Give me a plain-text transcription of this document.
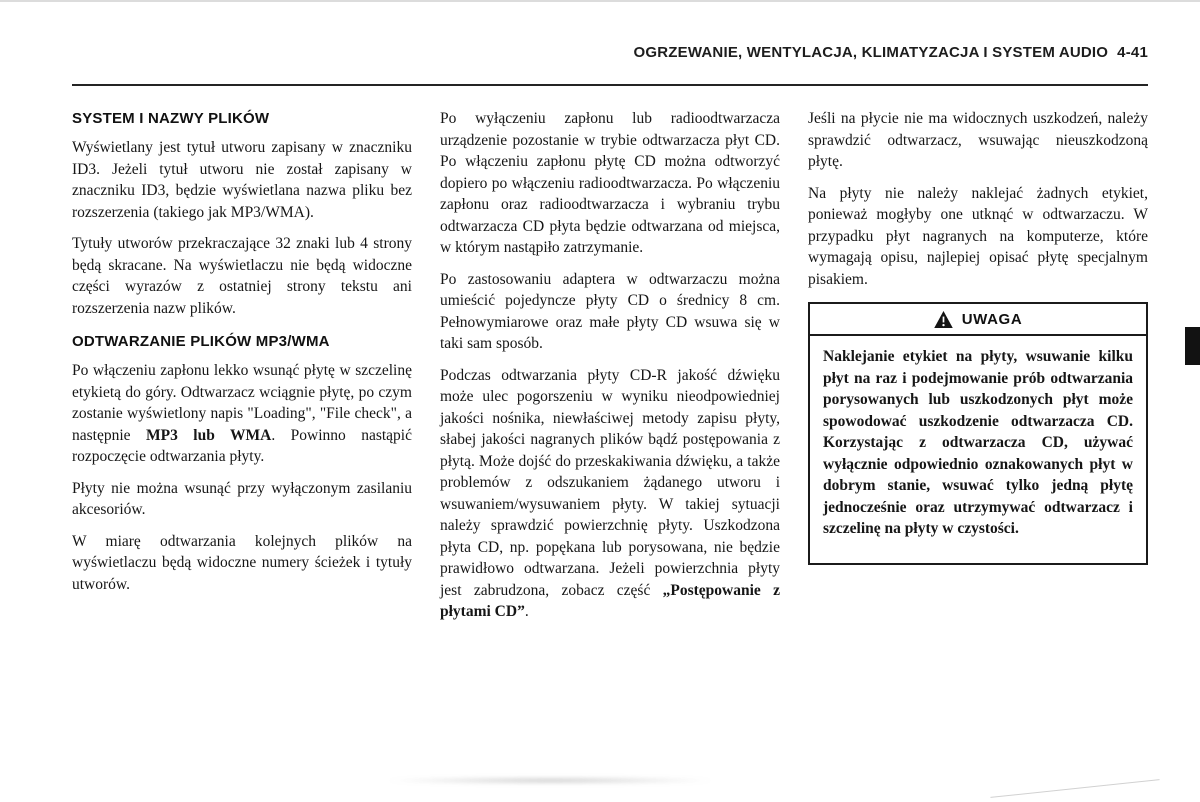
OGRZEWANIE, WENTYLACJA, KLIMATYZACJA I SYSTEM AUDIO 4-41
SYSTEM I NAZWY PLIKÓW

Wyświetlany jest tytuł utworu zapisany w znaczniku ID3. Jeżeli tytuł utworu nie został zapisany w znaczniku ID3, będzie wyświetlana nazwa pliku bez rozszerzenia (takiego jak MP3/WMA).

Tytuły utworów przekraczające 32 znaki lub 4 strony będą skracane. Na wyświetlaczu nie będą widoczne części wyrazów z ostatniej strony tekstu ani rozszerzenia nazw plików.

ODTWARZANIE PLIKÓW MP3/WMA

Po włączeniu zapłonu lekko wsunąć płytę w szczelinę etykietą do góry. Odtwarzacz wciągnie płytę, po czym zostanie wyświetlony napis "Loading", "File check", a następnie MP3 lub WMA. Powinno nastąpić rozpoczęcie odtwarzania płyty.

Płyty nie można wsunąć przy wyłączonym zasilaniu akcesoriów.

W miarę odtwarzania kolejnych plików na wyświetlaczu będą widoczne numery ścieżek i tytuły utworów.

Po wyłączeniu zapłonu lub radioodtwarzacza urządzenie pozostanie w trybie odtwarzacza płyt CD. Po włączeniu zapłonu płytę CD można odtworzyć dopiero po włączeniu radioodtwarzacza. Po włączeniu zapłonu oraz radioodtwarzacza i wybraniu trybu odtwarzacza CD płyta będzie odtwarzana od miejsca, w którym nastąpiło zatrzymanie.

Po zastosowaniu adaptera w odtwarzaczu można umieścić pojedyncze płyty CD o średnicy 8 cm. Pełnowymiarowe oraz małe płyty CD wsuwa się w taki sam sposób.

Podczas odtwarzania płyty CD-R jakość dźwięku może ulec pogorszeniu w wyniku nieodpowiedniej jakości nośnika, niewłaściwej metody zapisu płyty, słabej jakości nagranych plików bądź postępowania z płytą. Może dojść do przeskakiwania dźwięku, a także problemów z odszukaniem żądanego utworu i wsuwaniem/wysuwaniem płyty. W takiej sytuacji należy sprawdzić powierzchnię płyty. Uszkodzona płyta CD, np. popękana lub porysowana, nie będzie prawidłowo odtwarzana. Jeżeli powierzchnia płyty jest zabrudzona, zobacz część „Postępowanie z płytami CD”.

Jeśli na płycie nie ma widocznych uszkodzeń, należy sprawdzić odtwarzacz, wsuwając nieuszkodzoną płytę.

Na płyty nie należy naklejać żadnych etykiet, ponieważ mogłyby one utknąć w odtwarzaczu. W przypadku płyt nagranych na komputerze, które wymagają opisu, najlepiej opisać płytę specjalnym pisakiem.

UWAGA

Naklejanie etykiet na płyty, wsuwanie kilku płyt na raz i podejmowanie prób odtwarzania porysowanych lub uszkodzonych płyt może spowodować uszkodzenie odtwarzacza CD. Korzystając z odtwarzacza CD, używać wyłącznie odpowiednio oznakowanych płyt w dobrym stanie, wsuwać tylko jedną płytę jednocześnie oraz utrzymywać odtwarzacz i szczelinę na płyty w czystości.
